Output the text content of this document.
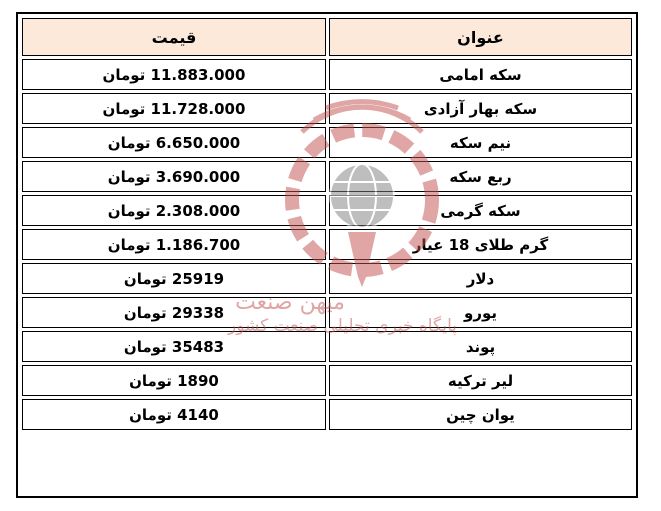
عنوان	قیمت
سکه امامی	11.883.000 تومان
سکه بهار آزادی	11.728.000 تومان
نیم سکه	6.650.000 تومان
ربع سکه	3.690.000 تومان
سکه گرمی	2.308.000 تومان
گرم طلای 18 عیار	1.186.700 تومان
دلار	25919 تومان
یورو	29338 تومان
پوند	35483 تومان
لیر ترکیه	1890 تومان
یوان چین	4140 تومان
میهن صنعت
پایگاه خبری تحلیلی صنعت کشور
